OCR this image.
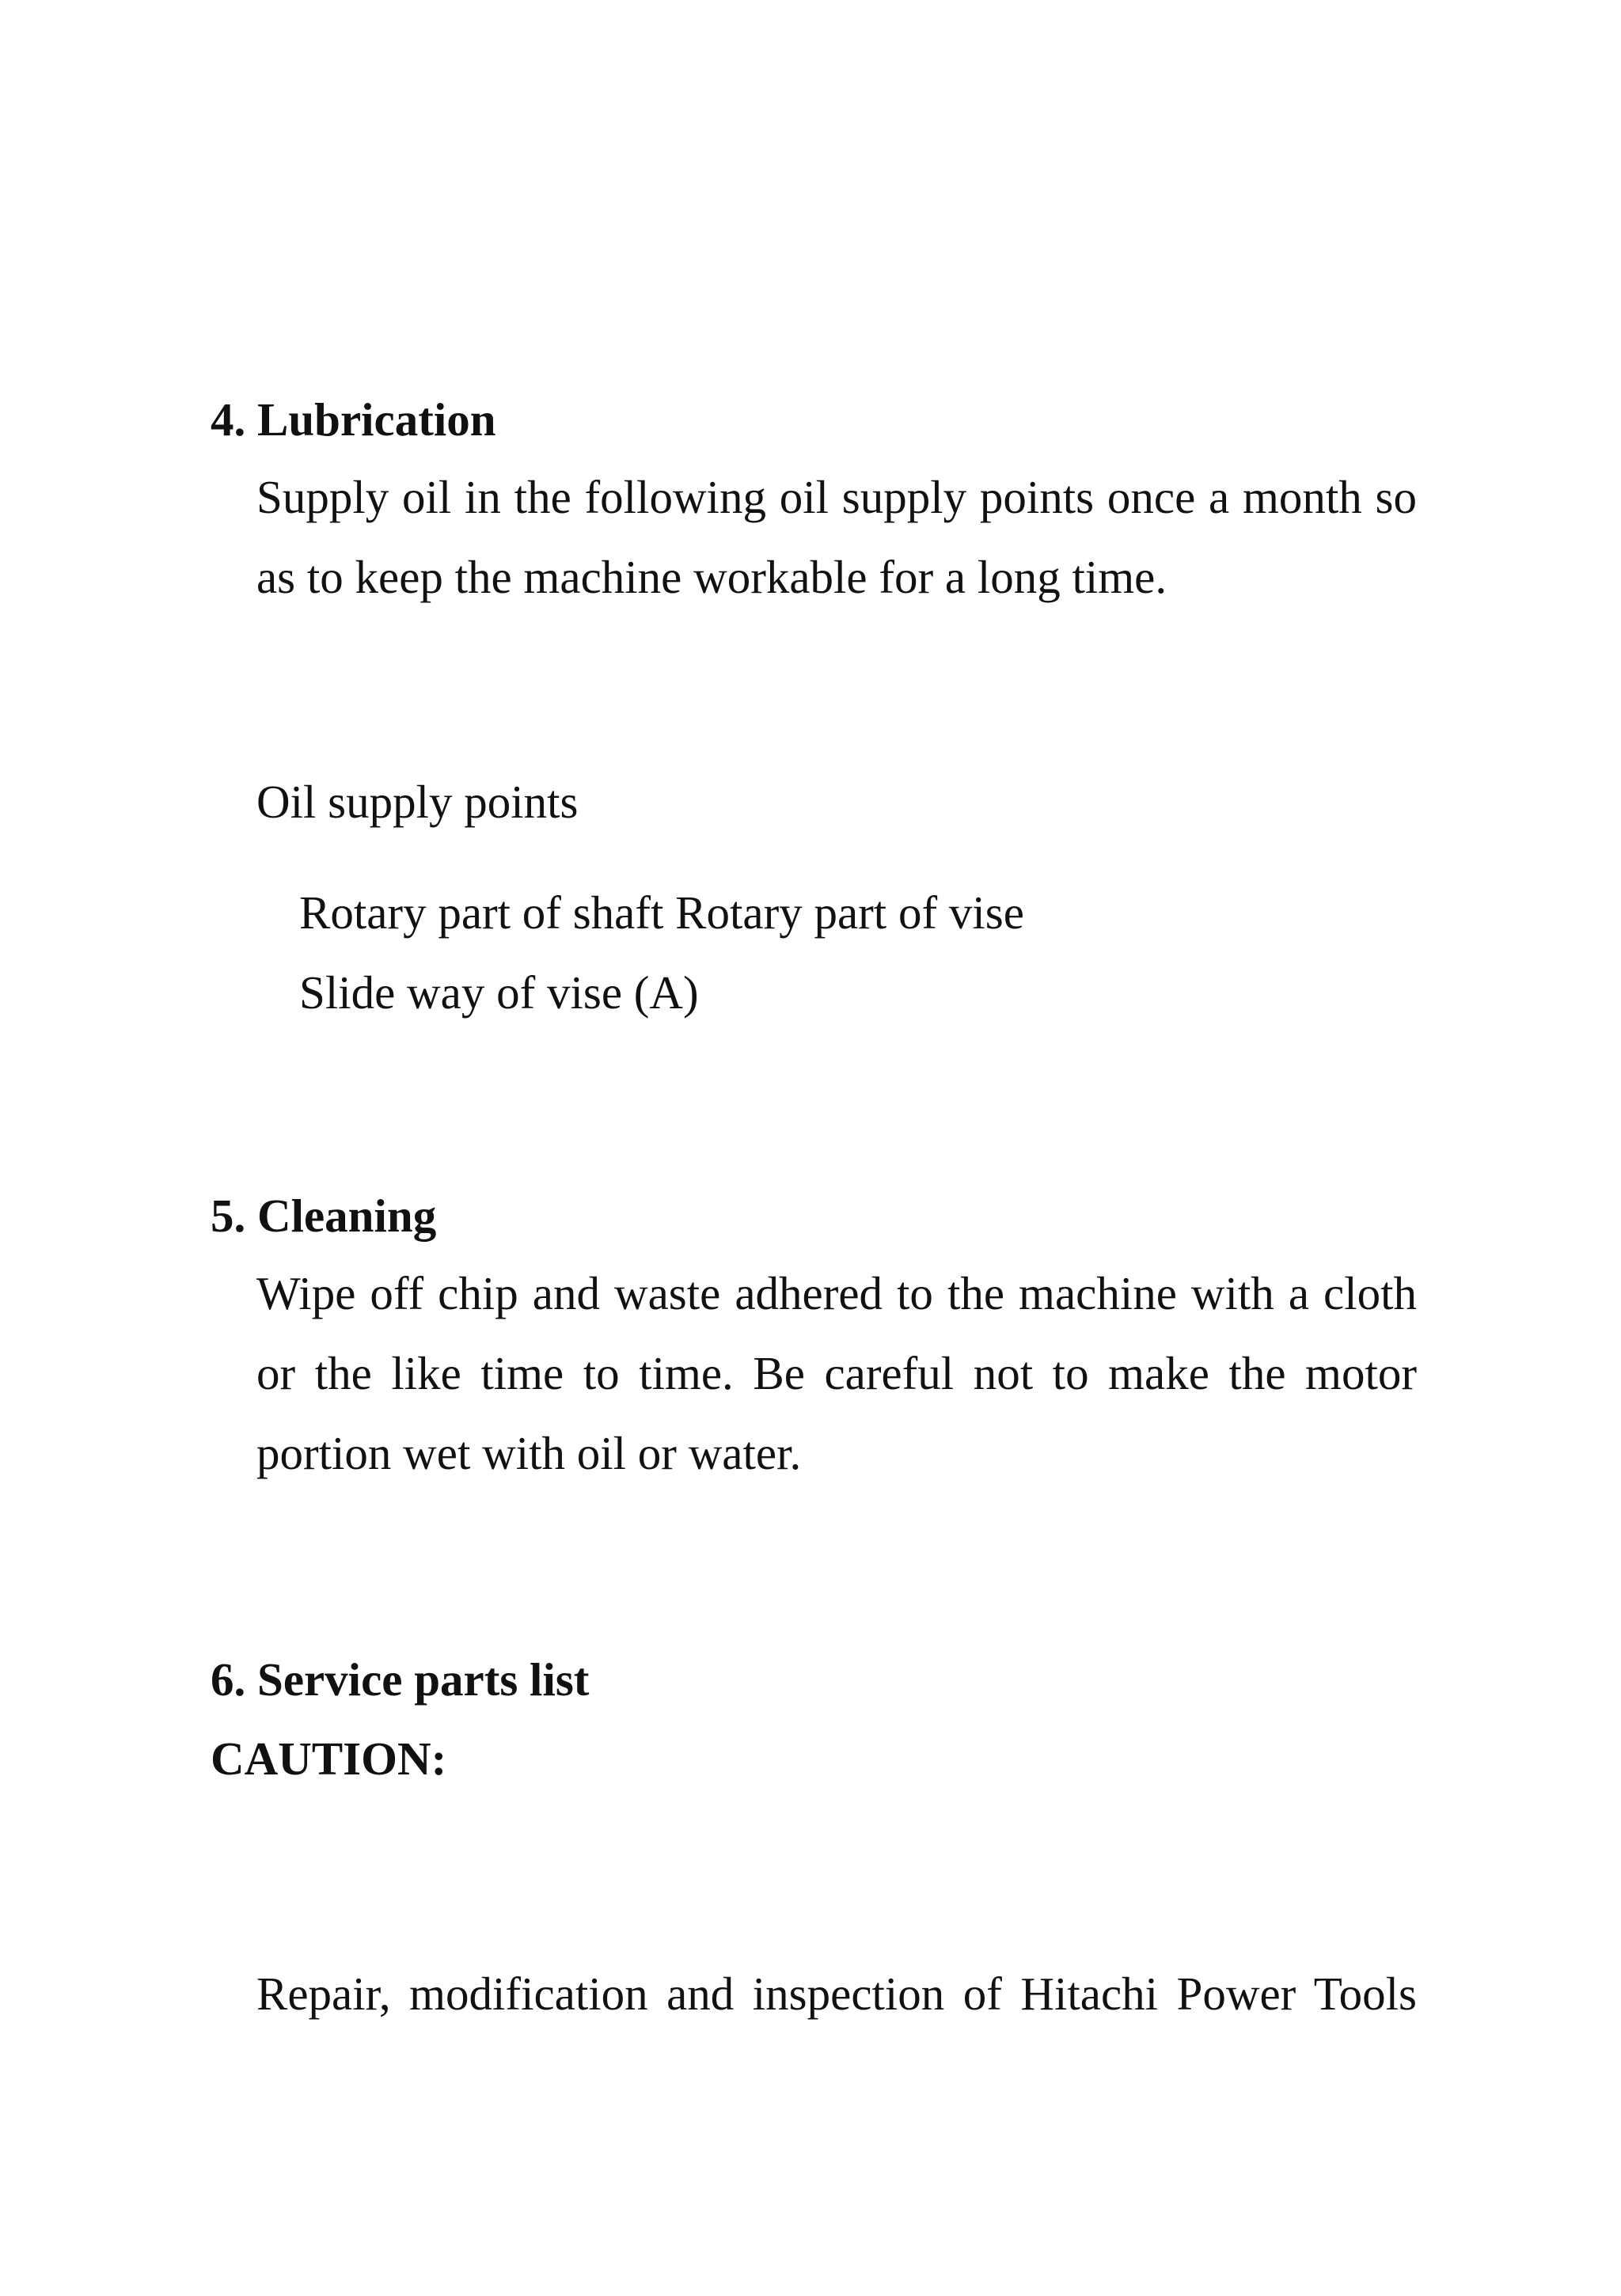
4. Lubrication
Supply oil in the following oil supply points once a month so as to keep the machine workable for a long time.
Oil supply points
Rotary part of shaft Rotary part of vise
Slide way of vise (A)
5. Cleaning
Wipe off chip and waste adhered to the machine with a cloth or the like time to time. Be careful not to make the motor portion wet with oil or water.
6. Service parts list
CAUTION:
Repair, modification and inspection of Hitachi Power Tools
